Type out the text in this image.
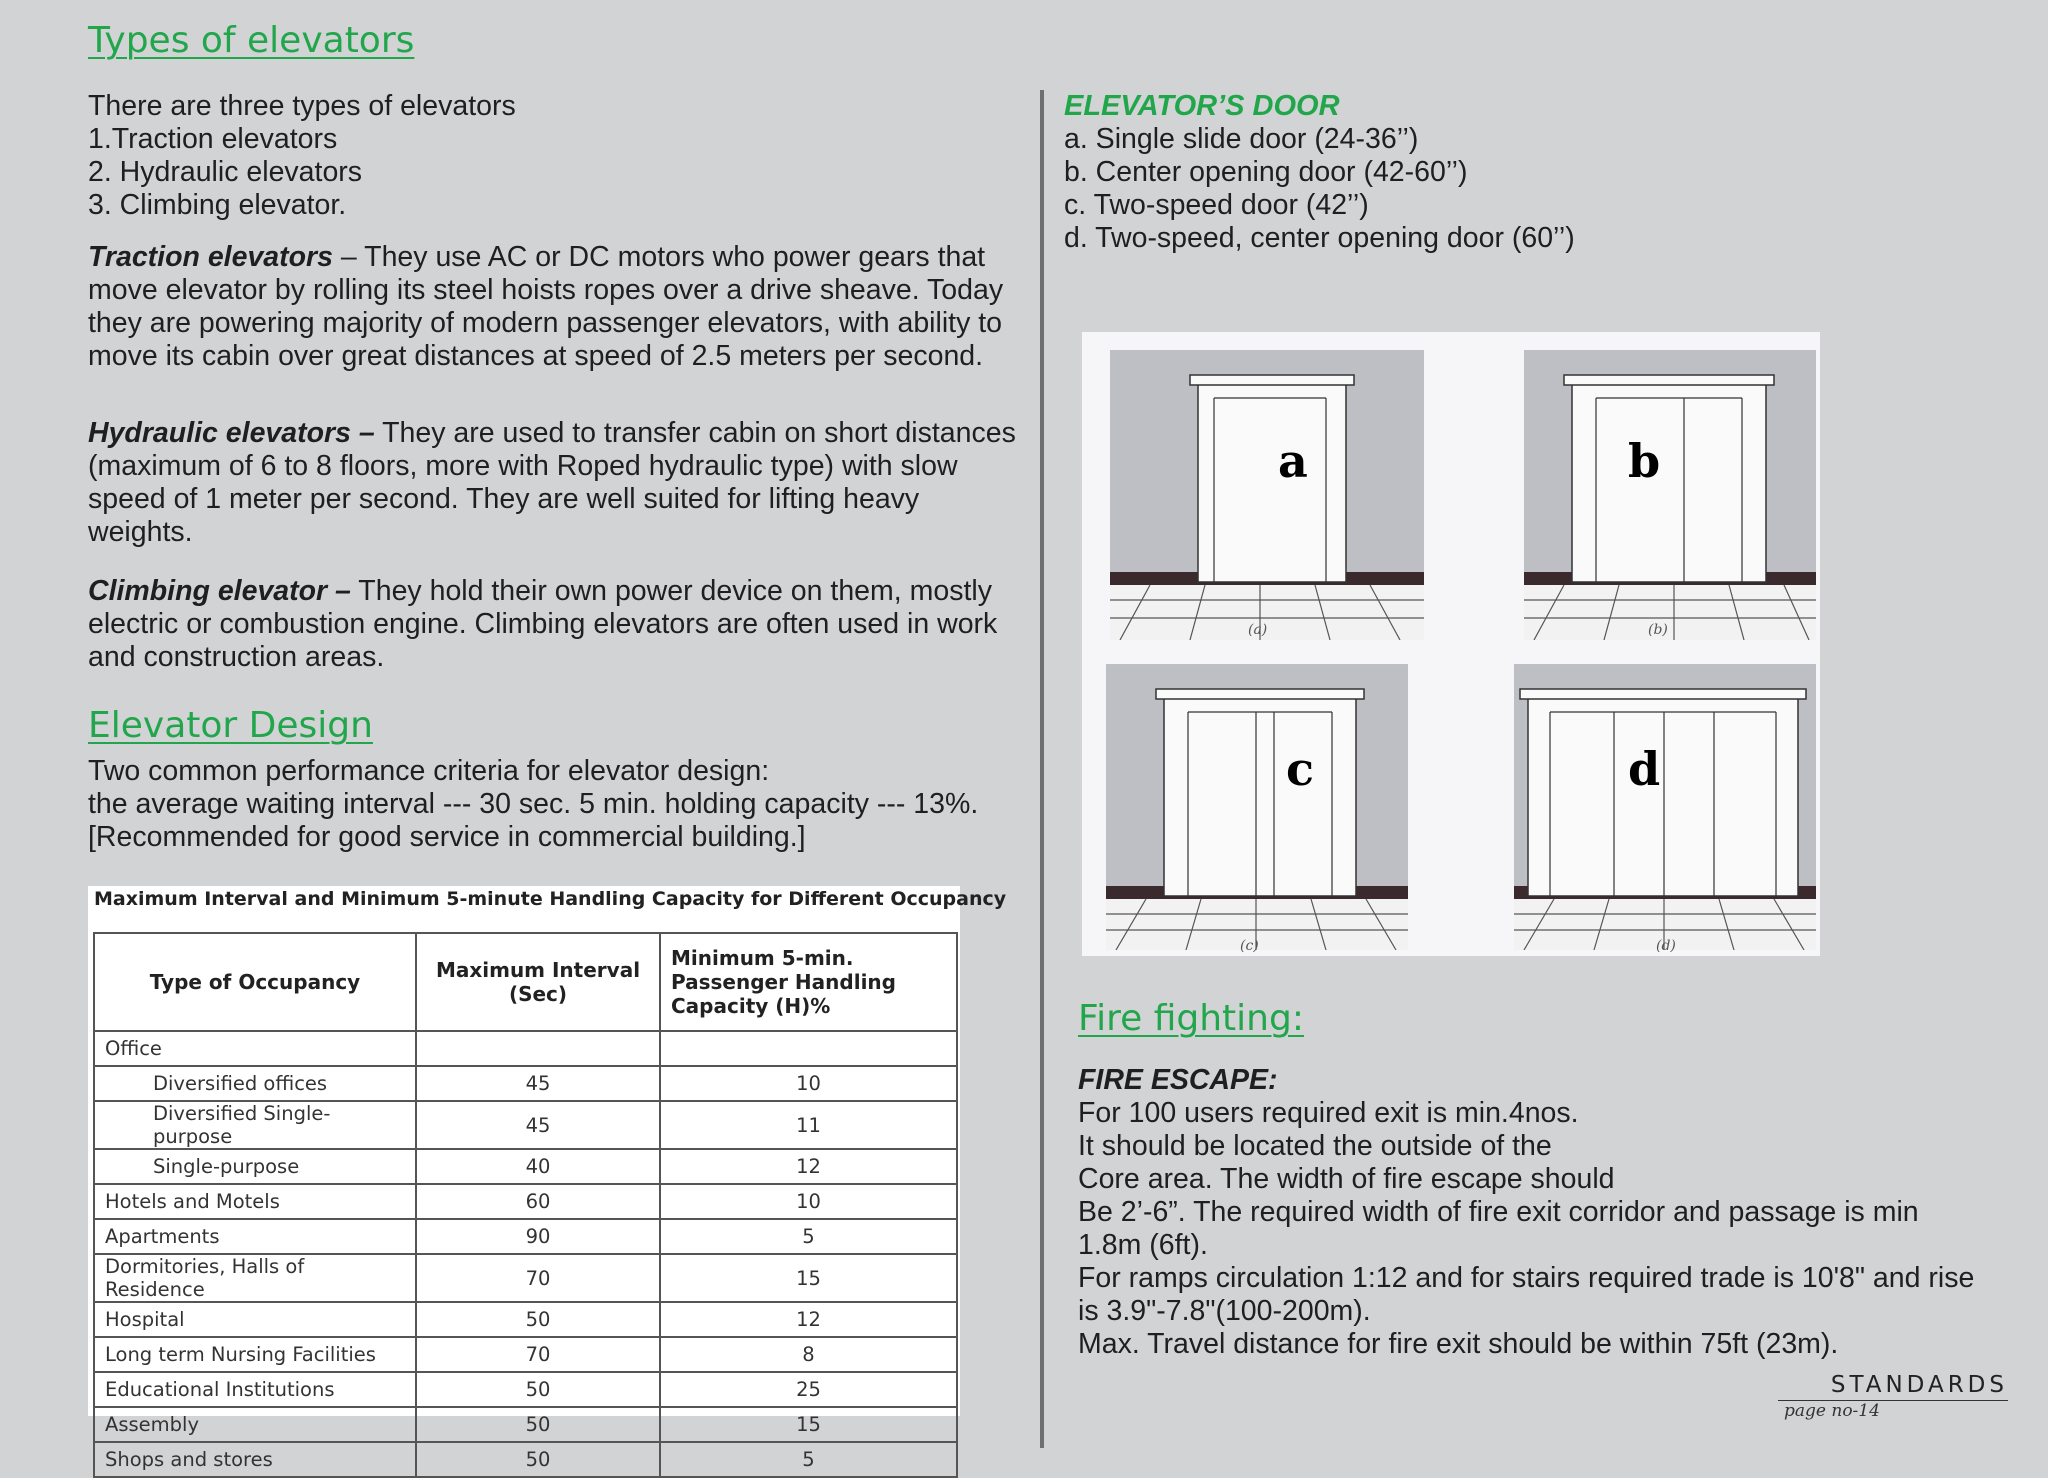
Types of elevators
There are three types of elevators
1.Traction elevators
2. Hydraulic elevators
3. Climbing elevator.

Traction elevators – They use AC or DC motors who power gears that move elevator by rolling its steel hoists ropes over a drive sheave. Today they are powering majority of modern passenger elevators, with ability to move its cabin over great distances at speed of 2.5 meters per second.

Hydraulic elevators – They are used to transfer cabin on short distances (maximum of 6 to 8 floors, more with Roped hydraulic type) with slow speed of 1 meter per second. They are well suited for lifting heavy weights.

Climbing elevator – They hold their own power device on them, mostly electric or combustion engine. Climbing elevators are often used in work and construction areas.

Elevator Design
Two common performance criteria for elevator design:
the average waiting interval --- 30 sec. 5 min. holding capacity --- 13%.
[Recommended for good service in commercial building.]
Maximum Interval and Minimum 5-minute Handling Capacity for Different Occupancy
Type of Occupancy	Maximum Interval (Sec)	Minimum 5-min. Passenger Handling Capacity (H)%
Office		
Diversified offices	45	10
Diversified Single-purpose	45	11
Single-purpose	40	12
Hotels and Motels	60	10
Apartments	90	5
Dormitories, Halls of Residence	70	15
Hospital	50	12
Long term Nursing Facilities	70	8
Educational Institutions	50	25
Assembly	50	15
Shops and stores	50	5
ELEVATOR’S DOOR
a. Single slide door (24-36’’)
b. Center opening door (42-60’’)
c. Two-speed door (42’’)
d. Two-speed, center opening door (60’’)
a	b
c	d
(a)	(b)
(c)	(d)
Fire fighting:
FIRE ESCAPE:
For 100 users required exit is min.4nos.
It should be located the outside of the
Core area. The width of fire escape should
Be 2’-6”. The required width of fire exit corridor and passage is min
1.8m (6ft).
For ramps circulation 1:12 and for stairs required trade is 10'8" and rise
is 3.9"-7.8"(100-200m).
Max. Travel distance for fire exit should be within 75ft (23m).
STANDARDS
page no-14
